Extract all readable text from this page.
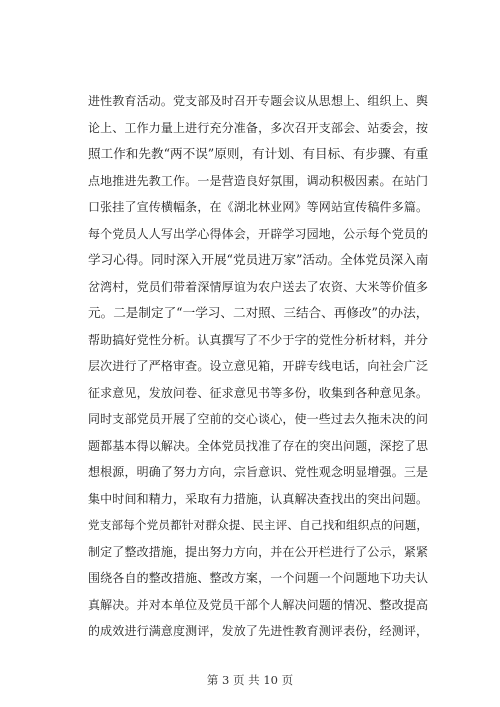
进性教育活动。党支部及时召开专题会议从思想上、组织上、舆
论上、工作力量上进行充分准备，多次召开支部会、站委会，按
照工作和先教“两不误”原则，有计划、有目标、有步骤、有重
点地推进先教工作。一是营造良好氛围，调动积极因素。在站门
口张挂了宣传横幅条，在《湖北林业网》等网站宣传稿件多篇。
每个党员人人写出学心得体会，开辟学习园地，公示每个党员的
学习心得。同时深入开展“党员进万家”活动。全体党员深入南
岔湾村，党员们带着深情厚谊为农户送去了农资、大米等价值多
元。二是制定了“一学习、二对照、三结合、再修改”的办法，
帮助搞好党性分析。认真撰写了不少于字的党性分析材料，并分
层次进行了严格审查。设立意见箱，开辟专线电话，向社会广泛
征求意见，发放问卷、征求意见书等多份，收集到各种意见条。
同时支部党员开展了空前的交心谈心，使一些过去久拖未决的问
题都基本得以解决。全体党员找准了存在的突出问题，深挖了思
想根源，明确了努力方向，宗旨意识、党性观念明显增强。三是
集中时间和精力，采取有力措施，认真解决查找出的突出问题。
党支部每个党员都针对群众提、民主评、自己找和组织点的问题，
制定了整改措施，提出努力方向，并在公开栏进行了公示，紧紧
围绕各自的整改措施、整改方案，一个问题一个问题地下功夫认
真解决。并对本单位及党员干部个人解决问题的情况、整改提高
的成效进行满意度测评，发放了先进性教育测评表份，经测评，
第 3 页 共 10 页
